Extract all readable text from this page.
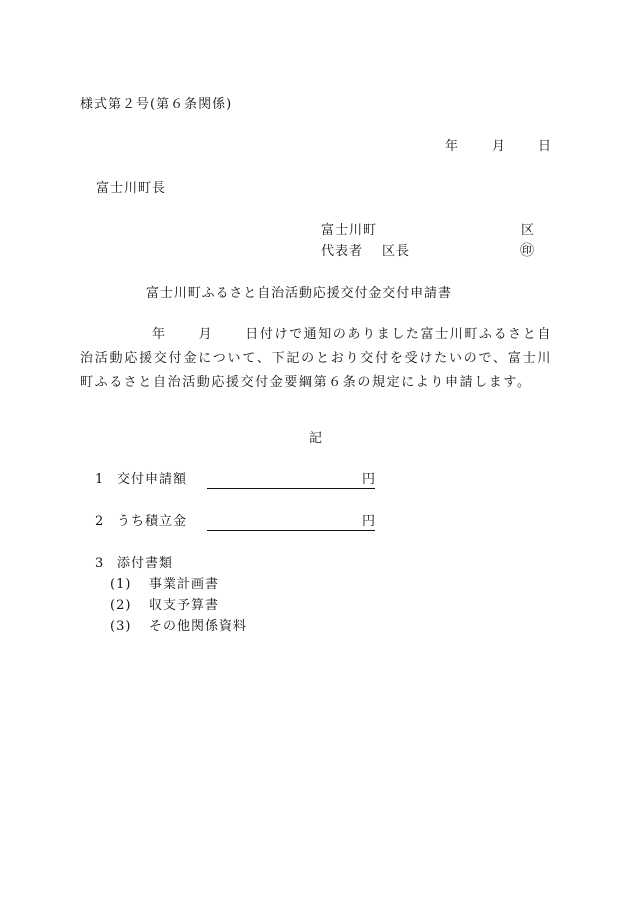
様式第２号(第６条関係)
年	月 日
富士川町長
富士川町	区
代表者 区長	㊞
富士川町ふるさと自治活動応援交付金交付申請書
年 月 日付けで通知のありました富士川町ふるさと自治活動応援交付金について、下記のとおり交付を受けたいので、富士川町ふるさと自治活動応援交付金要綱第６条の規定により申請します。
記
1 交付申請額	円
2 うち積立金	円
3 添付書類
(1) 事業計画書
(2) 収支予算書
(3) その他関係資料
